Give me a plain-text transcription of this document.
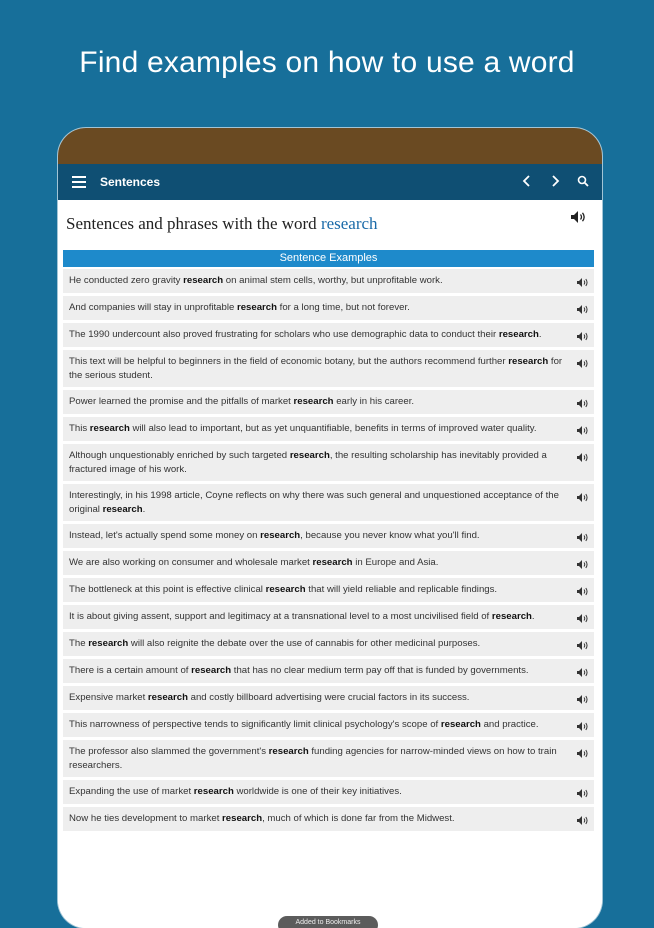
Find examples on how to use a word
Sentences
Sentences and phrases with the word research
Sentence Examples
He conducted zero gravity research on animal stem cells, worthy, but unprofitable work.
And companies will stay in unprofitable research for a long time, but not forever.
The 1990 undercount also proved frustrating for scholars who use demographic data to conduct their research.
This text will be helpful to beginners in the field of economic botany, but the authors recommend further research for the serious student.
Power learned the promise and the pitfalls of market research early in his career.
This research will also lead to important, but as yet unquantifiable, benefits in terms of improved water quality.
Although unquestionably enriched by such targeted research, the resulting scholarship has inevitably provided a fractured image of his work.
Interestingly, in his 1998 article, Coyne reflects on why there was such general and unquestioned acceptance of the original research.
Instead, let's actually spend some money on research, because you never know what you'll find.
We are also working on consumer and wholesale market research in Europe and Asia.
The bottleneck at this point is effective clinical research that will yield reliable and replicable findings.
It is about giving assent, support and legitimacy at a transnational level to a most uncivilised field of research.
The research will also reignite the debate over the use of cannabis for other medicinal purposes.
There is a certain amount of research that has no clear medium term pay off that is funded by governments.
Expensive market research and costly billboard advertising were crucial factors in its success.
This narrowness of perspective tends to significantly limit clinical psychology's scope of research and practice.
The professor also slammed the government's research funding agencies for narrow-minded views on how to train researchers.
Expanding the use of market research worldwide is one of their key initiatives.
Now he ties development to market research, much of which is done far from the Midwest.
Added to Bookmarks
